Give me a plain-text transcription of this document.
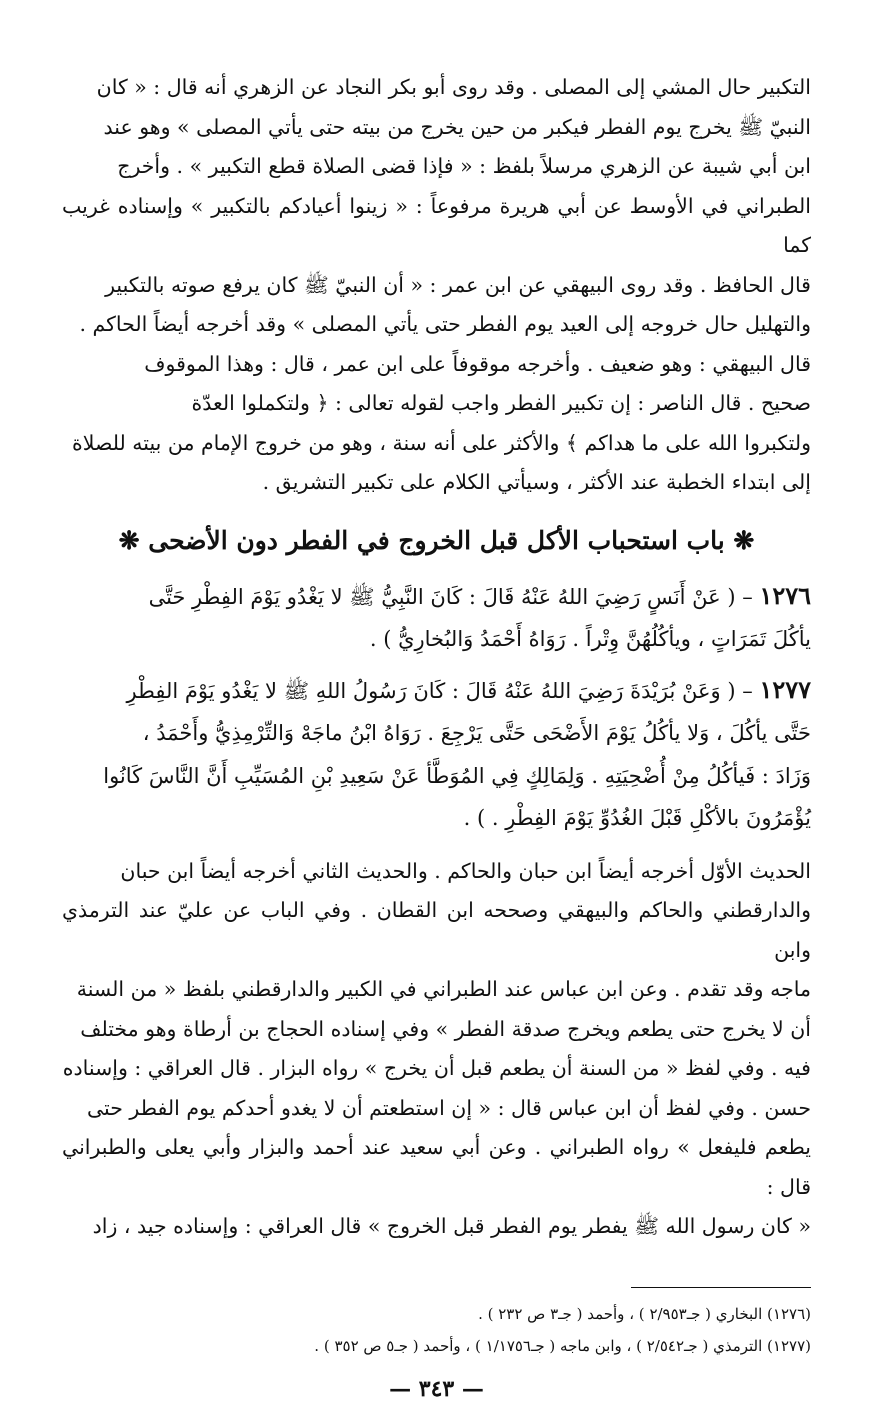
التكبير حال المشي إلى المصلى . وقد روى أبو بكر النجاد عن الزهري أنه قال : « كان

النبيّ ﷺ يخرج يوم الفطر فيكبر من حين يخرج من بيته حتى يأتي المصلى » وهو عند

ابن أبي شيبة عن الزهري مرسلاً بلفظ : « فإذا قضى الصلاة قطع التكبير » . وأخرج

الطبراني في الأوسط عن أبي هريرة مرفوعاً : « زينوا أعيادكم بالتكبير » وإسناده غريب كما

قال الحافظ . وقد روى البيهقي عن ابن عمر : « أن النبيّ ﷺ كان يرفع صوته بالتكبير

والتهليل حال خروجه إلى العيد يوم الفطر حتى يأتي المصلى » وقد أخرجه أيضاً الحاكم .

قال البيهقي : وهو ضعيف . وأخرجه موقوفاً على ابن عمر ، قال : وهذا الموقوف

صحيح . قال الناصر : إن تكبير الفطر واجب لقوله تعالى : ﴿ ولتكملوا العدّة

ولتكبروا الله على ما هداكم ﴾ والأكثر على أنه سنة ، وهو من خروج الإمام من بيته للصلاة

إلى ابتداء الخطبة عند الأكثر ، وسيأتي الكلام على تكبير التشريق .

❋ باب استحباب الأكل قبل الخروج في الفطر دون الأضحى ❋

١٢٧٦ – ( عَنْ أَنَسٍ رَضِيَ اللهُ عَنْهُ قَالَ : كَانَ النَّبِيُّ ﷺ لا يَغْدُو يَوْمَ الفِطْرِ حَتَّى

يأكُلَ تَمَرَاتٍ ، ويأكُلُهُنَّ وِتْراً . رَوَاهُ أَحْمَدُ وَالبُخارِيُّ ) .

١٢٧٧ – ( وَعَنْ بُرَيْدَةَ رَضِيَ اللهُ عَنْهُ قَالَ : كَانَ رَسُولُ اللهِ ﷺ لا يَغْدُو يَوْمَ الفِطْرِ

حَتَّى يأكُلَ ، وَلا يأكُلُ يَوْمَ الأَضْحَى حَتَّى يَرْجِعَ . رَوَاهُ ابْنُ ماجَهْ وَالتِّرْمِذِيُّ وأَحْمَدُ ،

وَزَادَ : فَيأكُلُ مِنْ أُضْحِيَتِهِ . وَلِمَالِكٍ فِي المُوَطَّأ عَنْ سَعِيدِ بْنِ المُسَيِّبِ أَنَّ النَّاسَ كَانُوا

يُؤْمَرُونَ بالأكْلِ قَبْلَ الغُدُوِّ يَوْمَ الفِطْرِ . ) .

الحديث الأوّل أخرجه أيضاً ابن حبان والحاكم . والحديث الثاني أخرجه أيضاً ابن حبان

والدارقطني والحاكم والبيهقي وصححه ابن القطان . وفي الباب عن عليّ عند الترمذي وابن

ماجه وقد تقدم . وعن ابن عباس عند الطبراني في الكبير والدارقطني بلفظ « من السنة

أن لا يخرج حتى يطعم ويخرج صدقة الفطر » وفي إسناده الحجاج بن أرطاة وهو مختلف

فيه . وفي لفظ « من السنة أن يطعم قبل أن يخرج » رواه البزار . قال العراقي : وإسناده

حسن . وفي لفظ أن ابن عباس قال : « إن استطعتم أن لا يغدو أحدكم يوم الفطر حتى

يطعم فليفعل » رواه الطبراني . وعن أبي سعيد عند أحمد والبزار وأبي يعلى والطبراني قال :

« كان رسول الله ﷺ يفطر يوم الفطر قبل الخروج » قال العراقي : وإسناده جيد ، زاد

(١٢٧٦) البخاري ( جـ٢/٩٥٣ ) ، وأحمد ( جـ٣ ص ٢٣٢ ) .

(١٢٧٧) الترمذي ( جـ٢/٥٤٢ ) ، وابن ماجه ( جـ١/١٧٥٦ ) ، وأحمد ( جـ٥ ص ٣٥٢ ) .

— ٣٤٣ —
